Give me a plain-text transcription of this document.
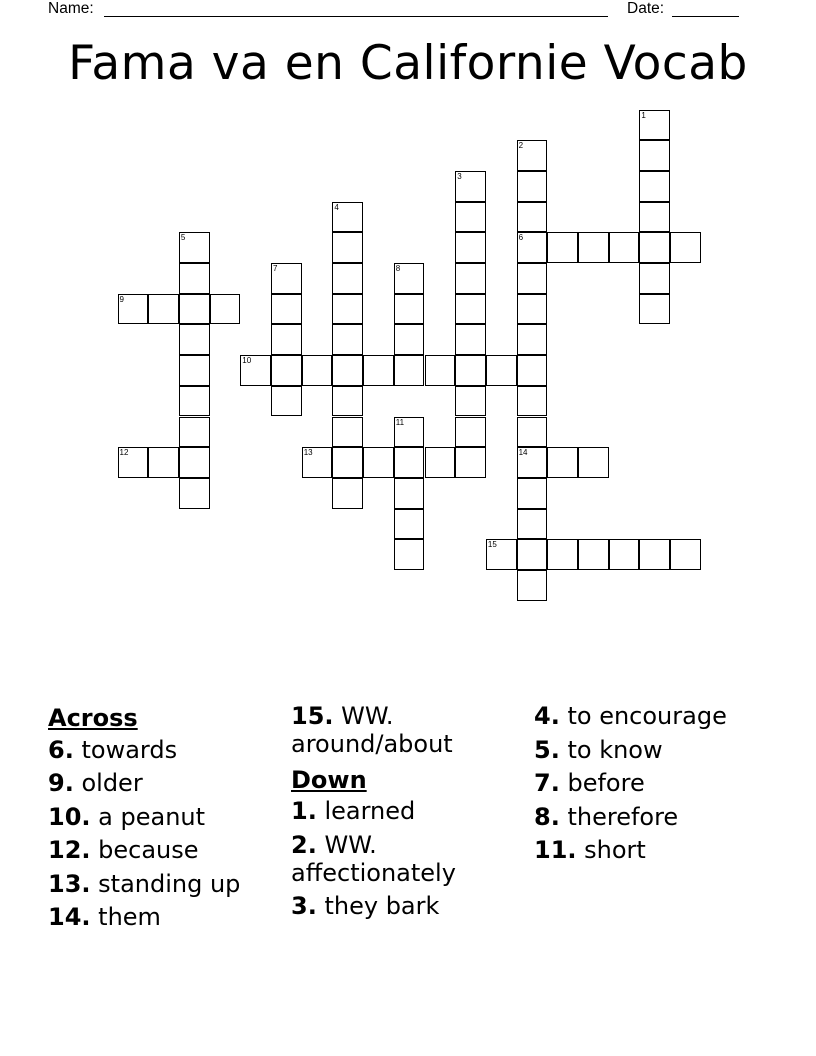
Name:	Date:
Fama va en Californie Vocab
1
2
6
14
3
4
5
7	8
9
10
11
12	13
15
Across
6. towards
9. older
10. a peanut
12. because
13. standing up
14. them
15. WW. around/about
Down
1. learned
2. WW. affectionately
3. they bark
4. to encourage
5. to know
7. before
8. therefore
11. short
